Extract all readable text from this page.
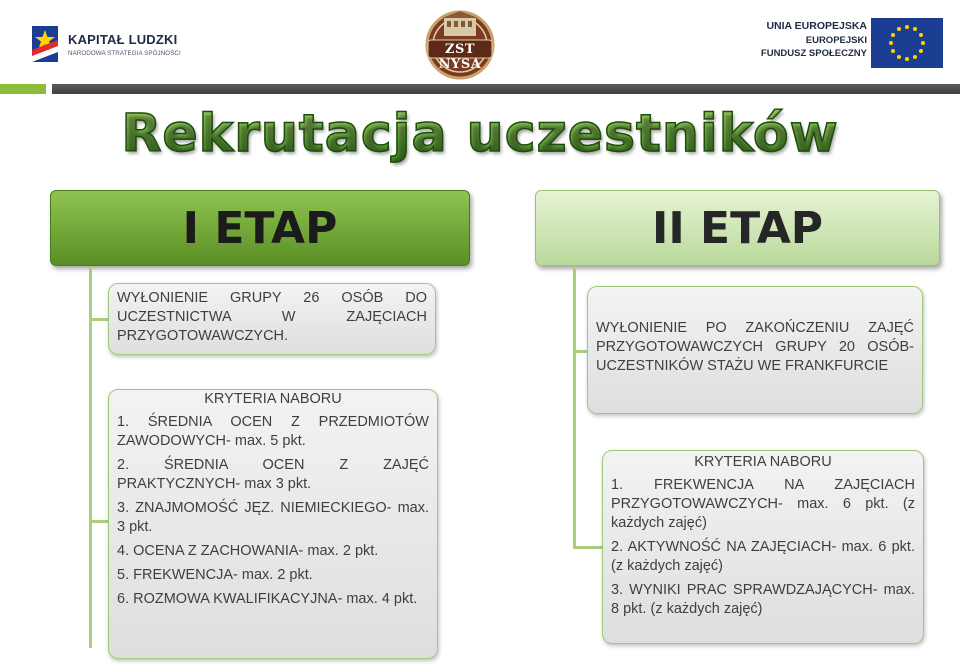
KAPITAŁ LUDZKI
NARODOWA STRATEGIA SPÓJNOŚCI	ZST NYSA
UNIA EUROPEJSKA
EUROPEJSKI
FUNDUSZ SPOŁECZNY
Rekrutacja uczestników
I ETAP

WYŁONIENIE GRUPY 26 OSÓB DO UCZESTNICTWA W ZAJĘCIACH PRZYGOTOWAWCZYCH.

KRYTERIA NABORU
1. ŚREDNIA OCEN Z PRZEDMIOTÓW ZAWODOWYCH- max. 5 pkt.
2. ŚREDNIA OCEN Z ZAJĘĆ PRAKTYCZNYCH- max 3 pkt.
3. ZNAJMOMOŚĆ JĘZ. NIEMIECKIEGO- max. 3 pkt.
4. OCENA Z ZACHOWANIA- max. 2 pkt.
5. FREKWENCJA- max. 2 pkt.
6. ROZMOWA KWALIFIKACYJNA- max. 4 pkt.
II ETAP

WYŁONIENIE PO ZAKOŃCZENIU ZAJĘĆ PRZYGOTOWAWCZYCH GRUPY 20 OSÓB- UCZESTNIKÓW STAŻU WE FRANKFURCIE

KRYTERIA NABORU
1. FREKWENCJA NA ZAJĘCIACH PRZYGOTOWAWCZYCH- max. 6 pkt. (z każdych zajęć)
2. AKTYWNOŚĆ NA ZAJĘCIACH- max. 6 pkt. (z każdych zajęć)
3. WYNIKI PRAC SPRAWDZAJĄCYCH- max. 8 pkt. (z każdych zajęć)
